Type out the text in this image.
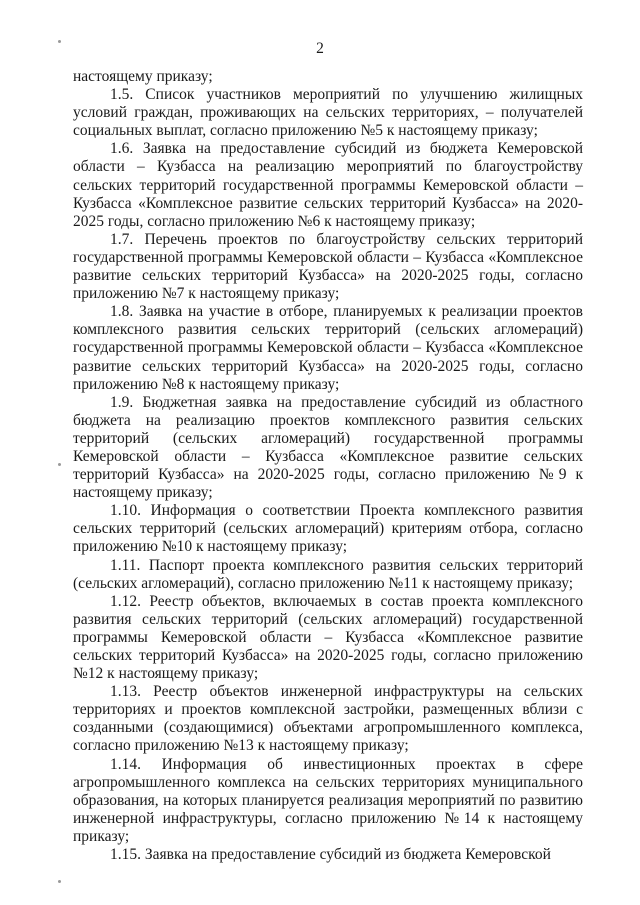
2

настоящему приказу;

1.5. Список участников мероприятий по улучшению жилищных условий граждан, проживающих на сельских территориях, – получателей социальных выплат, согласно приложению №5 к настоящему приказу;

1.6. Заявка на предоставление субсидий из бюджета Кемеровской области – Кузбасса на реализацию мероприятий по благоустройству сельских территорий государственной программы Кемеровской области – Кузбасса «Комплексное развитие сельских территорий Кузбасса» на 2020-2025 годы, согласно приложению №6 к настоящему приказу;

1.7. Перечень проектов по благоустройству сельских территорий государственной программы Кемеровской области – Кузбасса «Комплексное развитие сельских территорий Кузбасса» на 2020-2025 годы, согласно приложению №7 к настоящему приказу;

1.8. Заявка на участие в отборе, планируемых к реализации проектов комплексного развития сельских территорий (сельских агломераций) государственной программы Кемеровской области – Кузбасса «Комплексное развитие сельских территорий Кузбасса» на 2020-2025 годы, согласно приложению №8 к настоящему приказу;

1.9. Бюджетная заявка на предоставление субсидий из областного бюджета на реализацию проектов комплексного развития сельских территорий (сельских агломераций) государственной программы Кемеровской области – Кузбасса «Комплексное развитие сельских территорий Кузбасса» на 2020-2025 годы, согласно приложению №9 к настоящему приказу;

1.10. Информация о соответствии Проекта комплексного развития сельских территорий (сельских агломераций) критериям отбора, согласно приложению №10 к настоящему приказу;

1.11. Паспорт проекта комплексного развития сельских территорий (сельских агломераций), согласно приложению №11 к настоящему приказу;

1.12. Реестр объектов, включаемых в состав проекта комплексного развития сельских территорий (сельских агломераций) государственной программы Кемеровской области – Кузбасса «Комплексное развитие сельских территорий Кузбасса» на 2020-2025 годы, согласно приложению №12 к настоящему приказу;

1.13. Реестр объектов инженерной инфраструктуры на сельских территориях и проектов комплексной застройки, размещенных вблизи с созданными (создающимися) объектами агропромышленного комплекса, согласно приложению №13 к настоящему приказу;

1.14. Информация об инвестиционных проектах в сфере агропромышленного комплекса на сельских территориях муниципального образования, на которых планируется реализация мероприятий по развитию инженерной инфраструктуры, согласно приложению №14 к настоящему приказу;

1.15. Заявка на предоставление субсидий из бюджета Кемеровской
